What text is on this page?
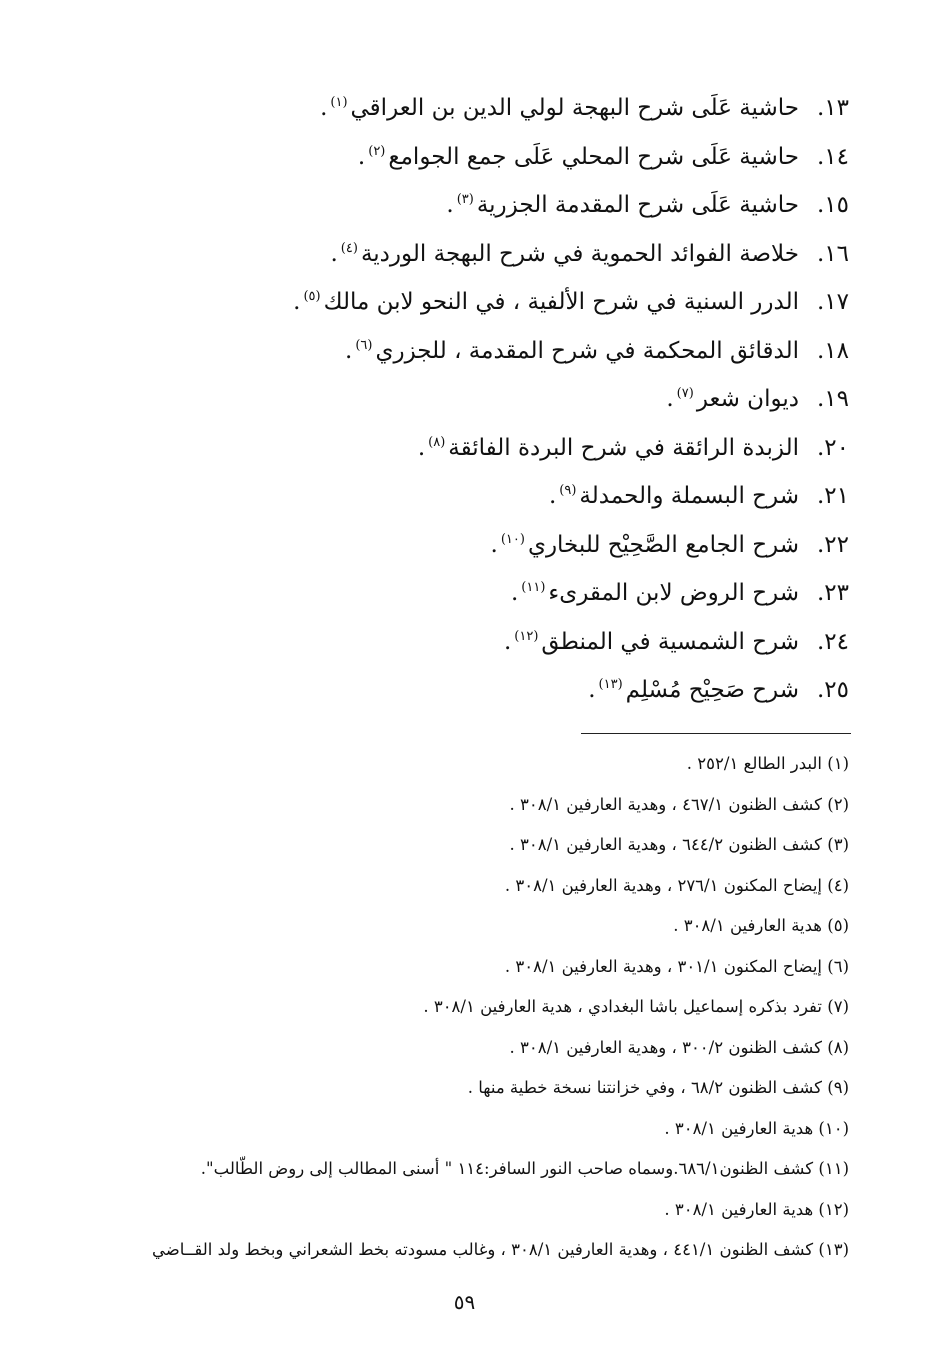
١٣.حاشية عَلَى شرح البهجة لولي الدين بن العراقي$^{(١)}$.
١٤.حاشية عَلَى شرح المحلي عَلَى جمع الجوامع$^{(٢)}$.
١٥.حاشية عَلَى شرح المقدمة الجزرية$^{(٣)}$.
١٦.خلاصة الفوائد الحموية في شرح البهجة الوردية$^{(٤)}$.
١٧.الدرر السنية في شرح الألفية ، في النحو لابن مالك$^{(٥)}$.
١٨.الدقائق المحكمة في شرح المقدمة ، للجزري$^{(٦)}$.
١٩.ديوان شعر$^{(٧)}$.
٢٠.الزبدة الرائقة في شرح البردة الفائقة$^{(٨)}$.
٢١.شرح البسملة والحمدلة$^{(٩)}$.
٢٢.شرح الجامع الصَّحِيْح للبخاري$^{(١٠)}$.
٢٣.شرح الروض لابن المقرىء$^{(١١)}$.
٢٤.شرح الشمسية في المنطق$^{(١٢)}$.
٢٥.شرح صَحِيْح مُسْلِم$^{(١٣)}$.
(١) البدر الطالع ٢٥٢/١ .
(٢) كشف الظنون ٤٦٧/١ ، وهدية العارفين ٣٠٨/١ .
(٣) كشف الظنون ٦٤٤/٢ ، وهدية العارفين ٣٠٨/١ .
(٤) إيضاح المكنون ٢٧٦/١ ، وهدية العارفين ٣٠٨/١ .
(٥) هدية العارفين ٣٠٨/١ .
(٦) إيضاح المكنون ٣٠١/١ ، وهدية العارفين ٣٠٨/١ .
(٧) تفرد بذكره إسماعيل باشا البغدادي ، هدية العارفين ٣٠٨/١ .
(٨) كشف الظنون ٣٠٠/٢ ، وهدية العارفين ٣٠٨/١ .
(٩) كشف الظنون ٦٨/٢ ، وفي خزانتنا نسخة خطية منها .
(١٠) هدية العارفين ٣٠٨/١ .
(١١) كشف الظنون٦٨٦/١.وسماه صاحب النور السافر:١١٤ " أسنى المطالب إلى روض الطّالب".
(١٢) هدية العارفين ٣٠٨/١ .
(١٣) كشف الظنون ٤٤١/١ ، وهدية العارفين ٣٠٨/١ ، وغالب مسودته بخط الشعراني وبخط ولد القــاضي
٥٩
